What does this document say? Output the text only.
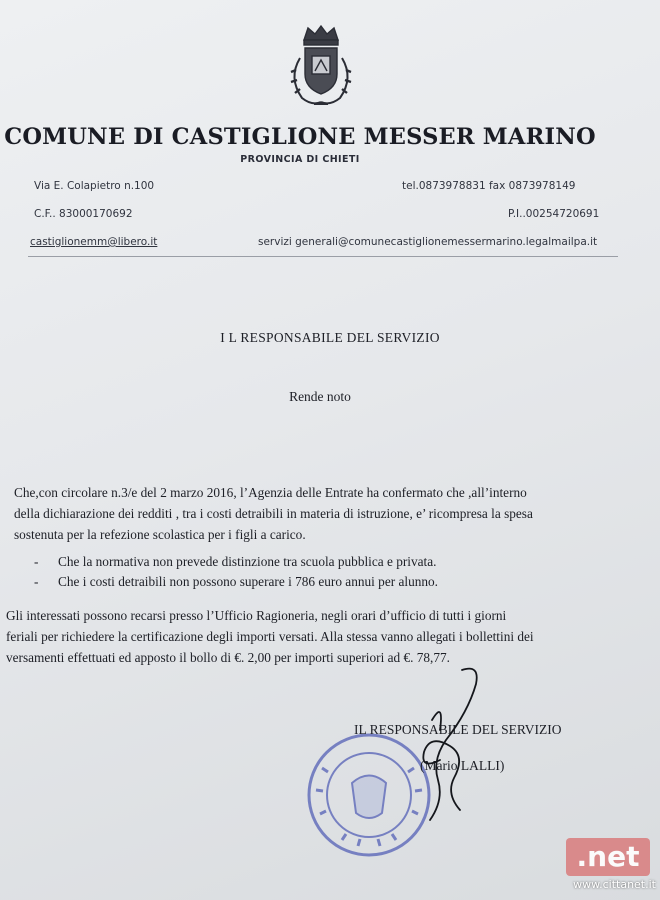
COMUNE DI CASTIGLIONE MESSER MARINO
PROVINCIA DI CHIETI
Via E. Colapietro n.100	tel.0873978831 fax 0873978149
C.F.. 83000170692	P.I..00254720691
castiglionemm@libero.it	servizi generali@comunecastiglionemessermarino.legalmailpa.it
I L RESPONSABILE DEL SERVIZIO
Rende noto

Che,con circolare n.3/e del 2 marzo 2016, l’Agenzia delle Entrate ha confermato che ,all’interno

della dichiarazione dei redditi , tra i costi detraibili in materia di istruzione, e’ ricompresa la spesa

sostenuta per la refezione scolastica per i figli a carico.

- Che la normativa non prevede distinzione tra scuola pubblica e privata.
- Che i costi detraibili non possono superare i 786 euro annui per alunno.

Gli interessati possono recarsi presso l’Ufficio Ragioneria, negli orari d’ufficio di tutti i giorni

feriali per richiedere la certificazione degli importi versati. Alla stessa vanno allegati i bollettini dei

versamenti effettuati ed apposto il bollo di €. 2,00 per importi superiori ad €. 78,77.

IL RESPONSABILE DEL SERVIZIO
(Mario LALLI)
.net
www.cittanet.it
